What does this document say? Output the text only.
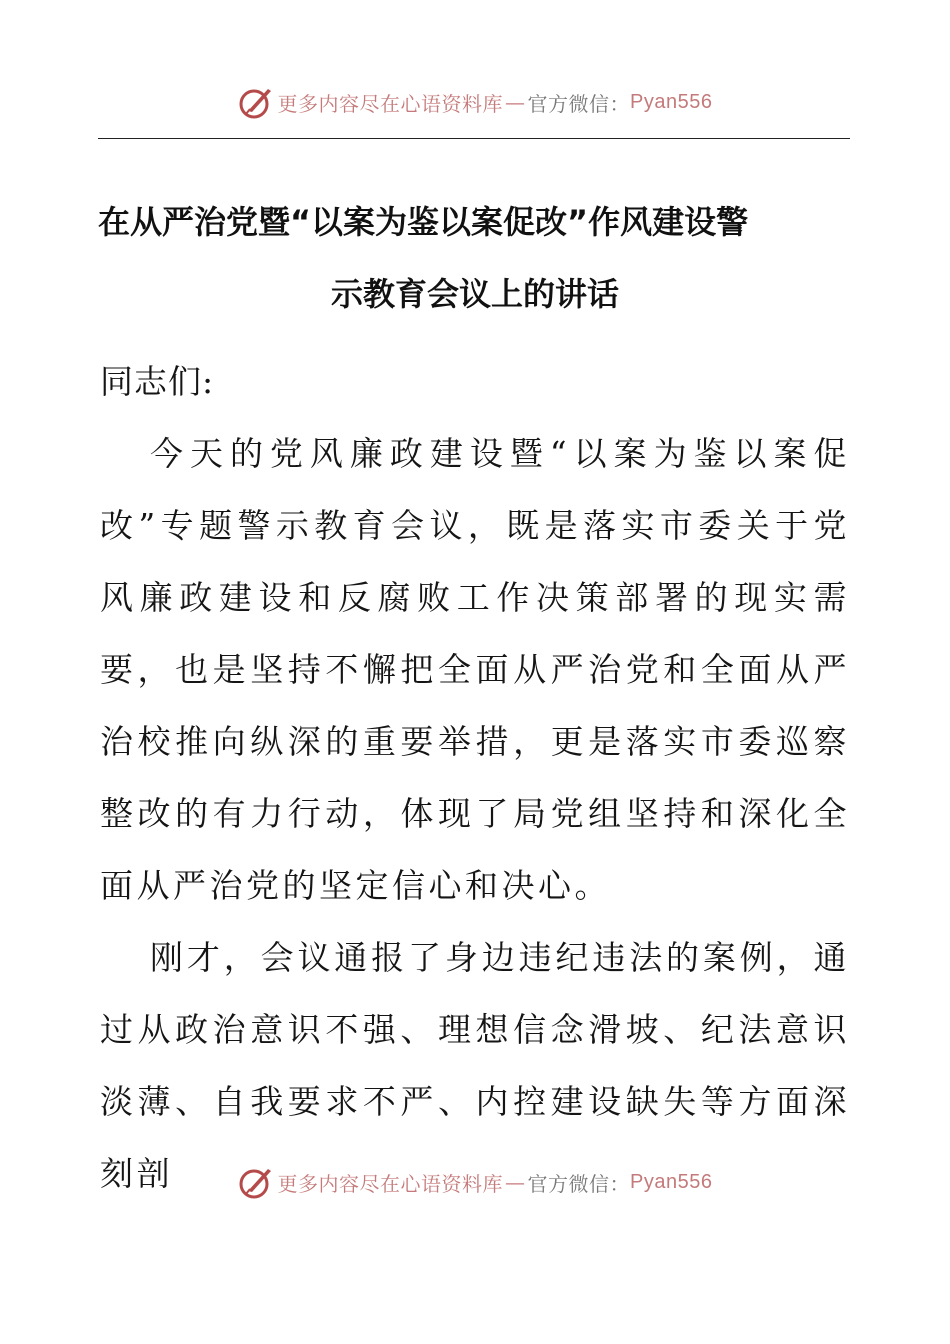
更多内容尽在心语资料库 — 官方微信： Pyan556
在从严治党暨“以案为鉴以案促改”作风建设警
示教育会议上的讲话

同志们:

今天的党风廉政建设暨“以案为鉴以案促改”专题警示教育会议，既是落实市委关于党风廉政建设和反腐败工作决策部署的现实需要，也是坚持不懈把全面从严治党和全面从严治校推向纵深的重要举措，更是落实市委巡察整改的有力行动，体现了局党组坚持和深化全面从严治党的坚定信心和决心。

刚才，会议通报了身边违纪违法的案例，通过从政治意识不强、理想信念滑坡、纪法意识淡薄、自我要求不严、内控建设缺失等方面深刻剖	更多内容尽在心语资料库 — 官方微信： Pyan556
